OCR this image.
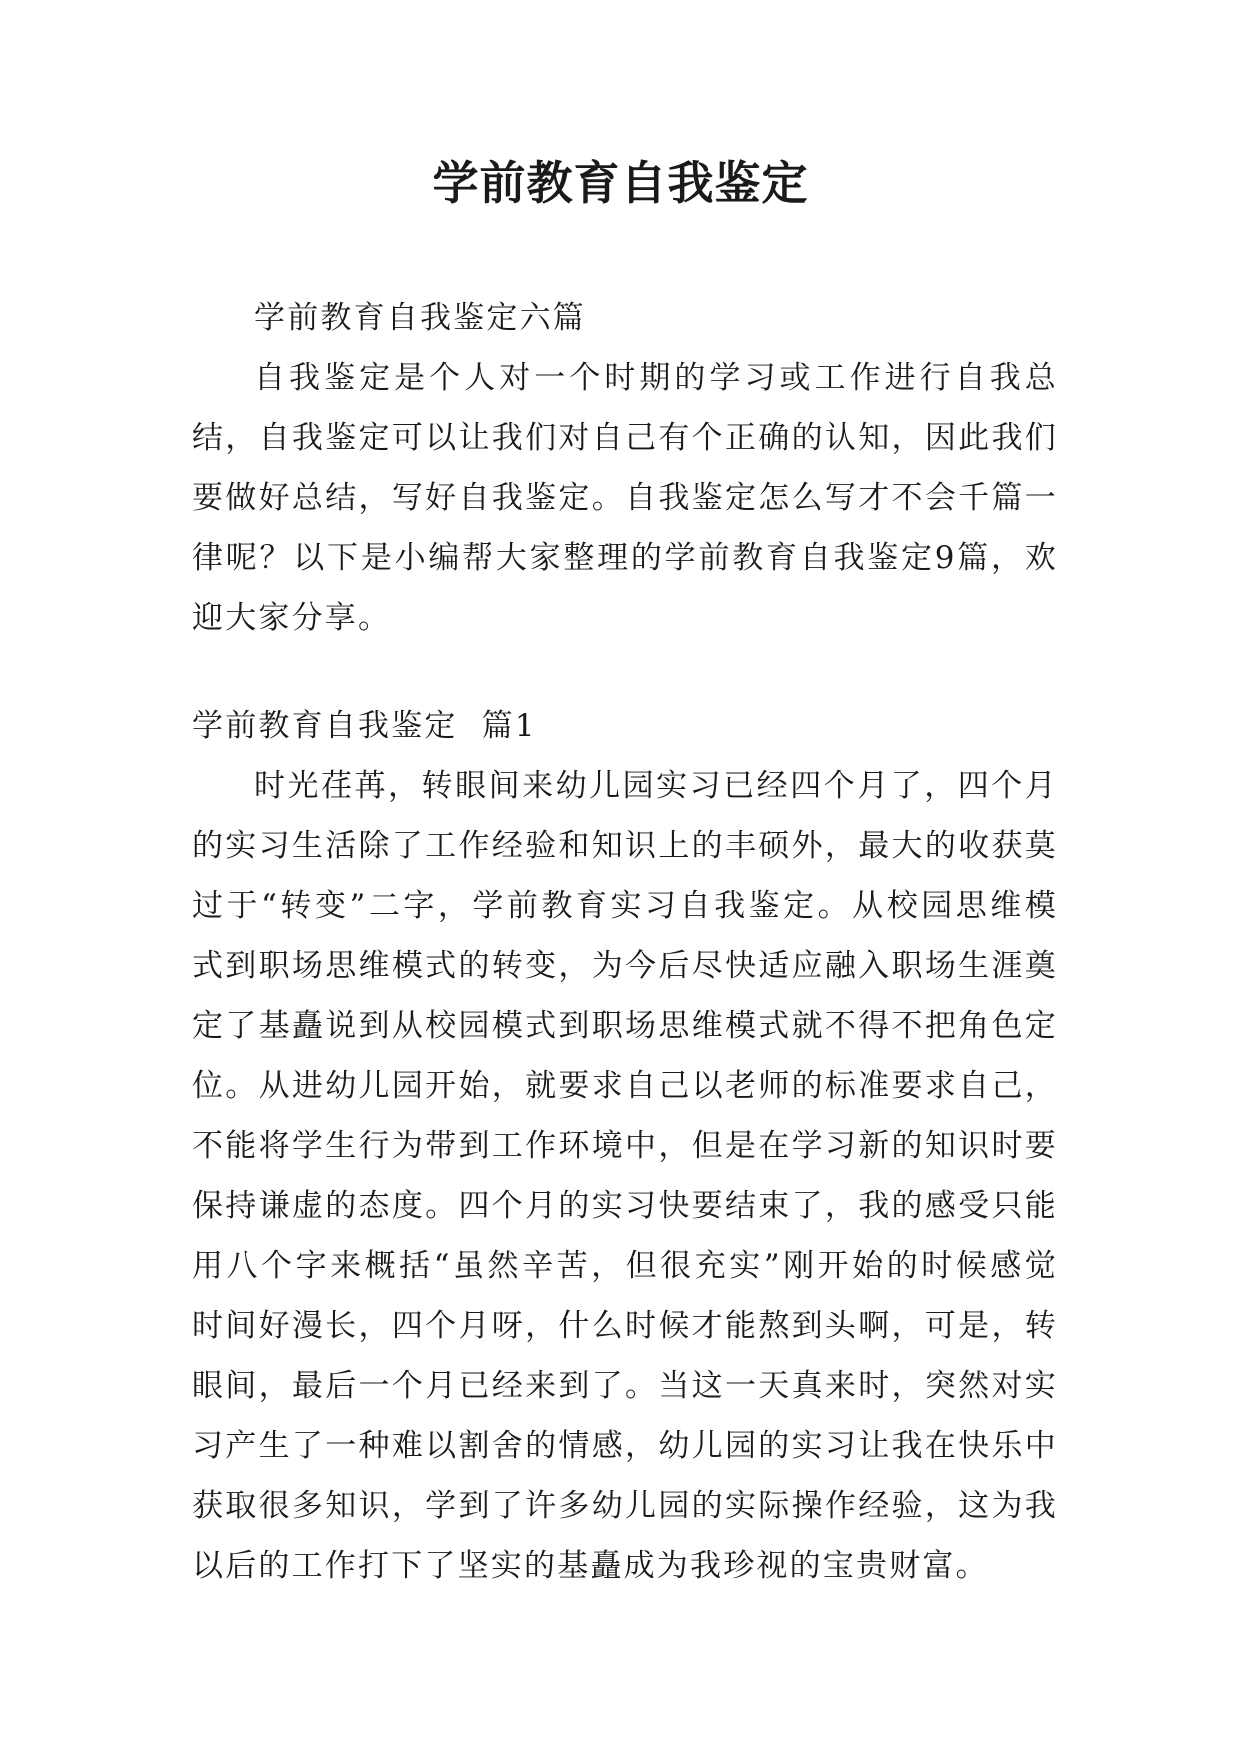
学前教育自我鉴定

学前教育自我鉴定六篇

自我鉴定是个人对一个时期的学习或工作进行自我总结，自我鉴定可以让我们对自己有个正确的认知，因此我们要做好总结，写好自我鉴定。自我鉴定怎么写才不会千篇一律呢？以下是小编帮大家整理的学前教育自我鉴定9篇，欢迎大家分享。

学前教育自我鉴定  篇1

时光荏苒，转眼间来幼儿园实习已经四个月了，四个月的实习生活除了工作经验和知识上的丰硕外，最大的收获莫过于“转变”二字，学前教育实习自我鉴定。从校园思维模式到职场思维模式的转变，为今后尽快适应融入职场生涯奠定了基矗说到从校园模式到职场思维模式就不得不把角色定位。从进幼儿园开始，就要求自己以老师的标准要求自己，不能将学生行为带到工作环境中，但是在学习新的知识时要保持谦虚的态度。四个月的实习快要结束了，我的感受只能用八个字来概括“虽然辛苦，但很充实”刚开始的时候感觉时间好漫长，四个月呀，什么时候才能熬到头啊，可是，转眼间，最后一个月已经来到了。当这一天真来时，突然对实习产生了一种难以割舍的情感，幼儿园的实习让我在快乐中获取很多知识，学到了许多幼儿园的实际操作经验，这为我以后的工作打下了坚实的基矗成为我珍视的宝贵财富。
